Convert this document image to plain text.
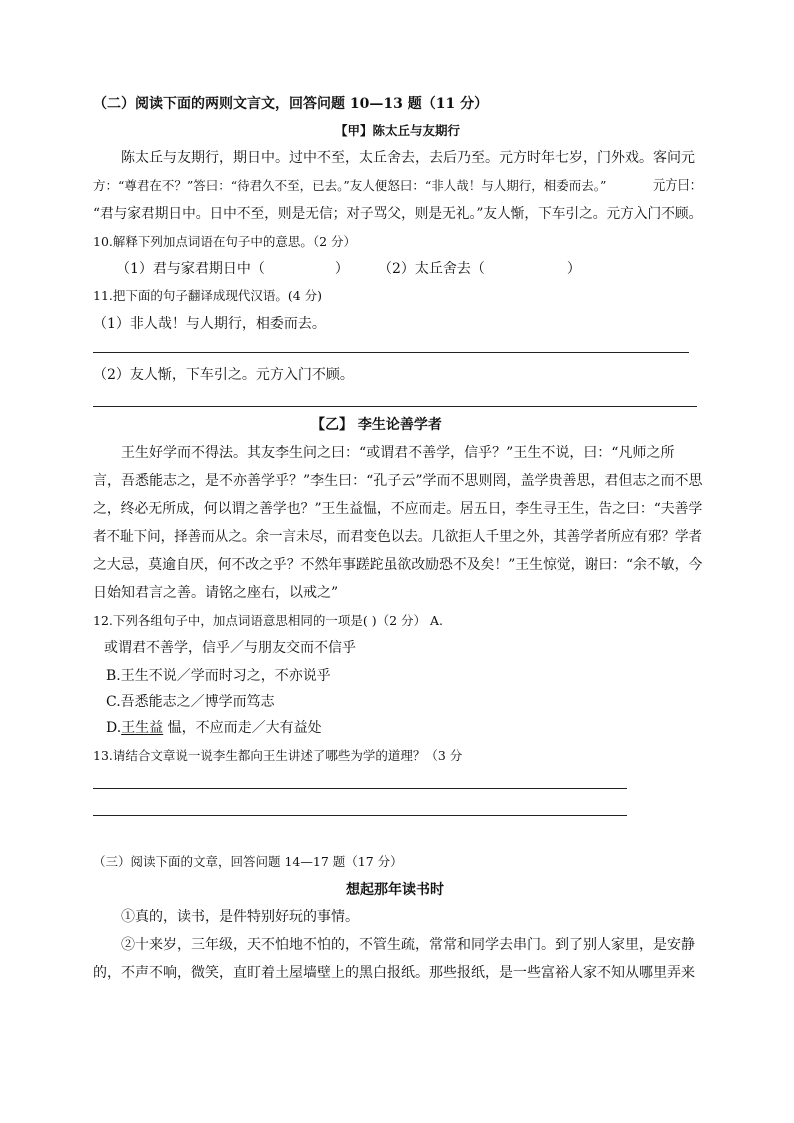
（二）阅读下面的两则文言文，回答问题 10—13 题（11 分）
【甲】陈太丘与友期行
陈太丘与友期行，期日中。过中不至，太丘舍去，去后乃至。元方时年七岁，门外戏。客问元
方：“尊君在不？”答曰：“待君久不至，已去。”友人便怒曰：“非人哉！与人期行，相委而去。”	元方曰：
“君与家君期日中。日中不至，则是无信；对子骂父，则是无礼。”友人惭，下车引之。元方入门不顾。
10.解释下列加点词语在句子中的意思。（2 分）
（1）君与家君期日中（	） （2）太丘舍去（	）
11.把下面的句子翻译成现代汉语。(4 分)
（1）非人哉！与人期行，相委而去。
（2）友人惭，下车引之。元方入门不顾。
【乙】 李生论善学者
王生好学而不得法。其友李生问之曰：“或谓君不善学，信乎？”王生不说，曰：“凡师之所
言，吾悉能志之，是不亦善学乎？”李生曰：“孔子云”学而不思则罔，盖学贵善思，君但志之而不思
之，终必无所成，何以谓之善学也？”王生益愠，不应而走。居五日，李生寻王生，告之曰：“夫善学
者不耻下问，择善而从之。余一言未尽，而君变色以去。几欲拒人千里之外，其善学者所应有邪？学者
之大忌，莫逾自厌，何不改之乎？不然年事蹉跎虽欲改励恐不及矣！”王生惊觉，谢曰：“余不敏，今
日始知君言之善。请铭之座右，以戒之”
12.下列各组句子中，加点词语意思相同的一项是( )（2 分） A.
或谓君不善学，信乎／与朋友交而不信乎
B.王生不说／学而时习之，不亦说乎
C.吾悉能志之／博学而笃志
D.王生益 愠，不应而走／大有益处
13.请结合文章说一说李生都向王生讲述了哪些为学的道理？（3 分
（三）阅读下面的文章，回答问题 14—17 题（17 分）
想起那年读书时
①真的，读书，是件特别好玩的事情。
②十来岁，三年级，天不怕地不怕的，不管生疏，常常和同学去串门。到了别人家里，是安静
的，不声不响，微笑，直盯着土屋墙壁上的黑白报纸。那些报纸，是一些富裕人家不知从哪里弄来
